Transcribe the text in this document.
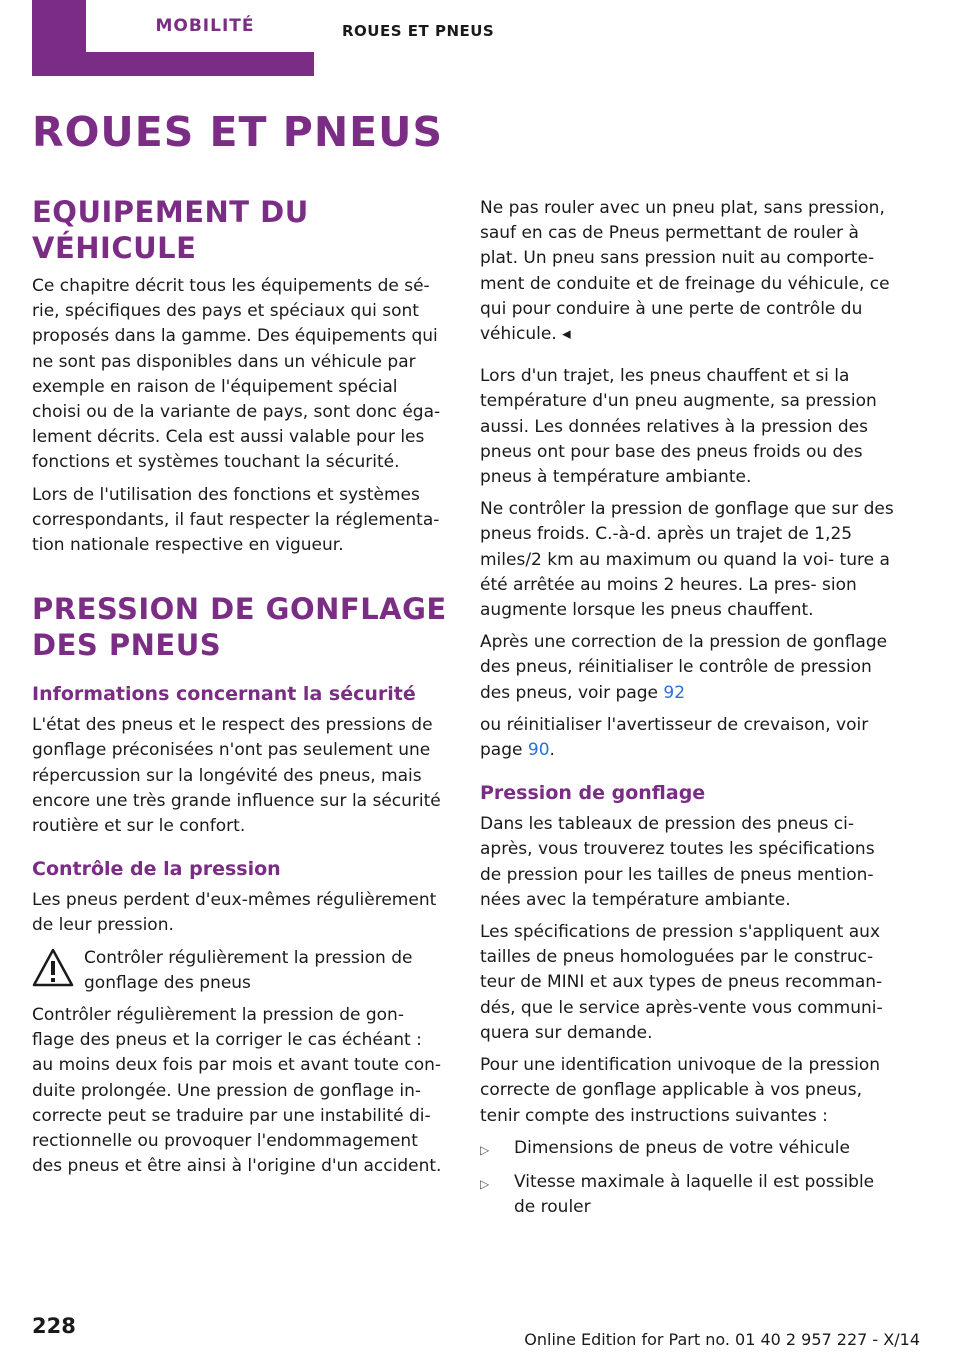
MOBILITÉ	ROUES ET PNEUS
ROUES ET PNEUS
EQUIPEMENT DU VÉHICULE

Ce chapitre décrit tous les équipements de sé- rie, spécifiques des pays et spéciaux qui sont proposés dans la gamme. Des équipements qui ne sont pas disponibles dans un véhicule par exemple en raison de l'équipement spécial choisi ou de la variante de pays, sont donc éga- lement décrits. Cela est aussi valable pour les fonctions et systèmes touchant la sécurité.

Lors de l'utilisation des fonctions et systèmes correspondants, il faut respecter la réglementa- tion nationale respective en vigueur.

PRESSION DE GONFLAGE DES PNEUS
Informations concernant la sécurité

L'état des pneus et le respect des pressions de gonflage préconisées n'ont pas seulement une répercussion sur la longévité des pneus, mais encore une très grande influence sur la sécurité routière et sur le confort.

Contrôle de la pression

Les pneus perdent d'eux-mêmes régulièrement de leur pression.

Contrôler régulièrement la pression de gonflage des pneus

Contrôler régulièrement la pression de gon- flage des pneus et la corriger le cas échéant : au moins deux fois par mois et avant toute con- duite prolongée. Une pression de gonflage in- correcte peut se traduire par une instabilité di- rectionnelle ou provoquer l'endommagement des pneus et être ainsi à l'origine d'un accident.

Ne pas rouler avec un pneu plat, sans pression, sauf en cas de Pneus permettant de rouler à plat. Un pneu sans pression nuit au comporte- ment de conduite et de freinage du véhicule, ce qui pour conduire à une perte de contrôle du véhicule. ◂

Lors d'un trajet, les pneus chauffent et si la température d'un pneu augmente, sa pression aussi. Les données relatives à la pression des pneus ont pour base des pneus froids ou des pneus à température ambiante.

Ne contrôler la pression de gonflage que sur des pneus froids. C.-à-d. après un trajet de 1,25 miles/2 km au maximum ou quand la voi- ture a été arrêtée au moins 2 heures. La pres- sion augmente lorsque les pneus chauffent.

Après une correction de la pression de gonflage des pneus, réinitialiser le contrôle de pression des pneus, voir page 92

ou réinitialiser l'avertisseur de crevaison, voir page 90.

Pression de gonflage

Dans les tableaux de pression des pneus ci- après, vous trouverez toutes les spécifications de pression pour les tailles de pneus mention- nées avec la température ambiante.

Les spécifications de pression s'appliquent aux tailles de pneus homologuées par le construc- teur de MINI et aux types de pneus recomman- dés, que le service après-vente vous communi- quera sur demande.

Pour une identification univoque de la pression correcte de gonflage applicable à vos pneus, tenir compte des instructions suivantes :

▷	Dimensions de pneus de votre véhicule
▷	Vitesse maximale à laquelle il est possible de rouler
228
Online Edition for Part no. 01 40 2 957 227 - X/14
